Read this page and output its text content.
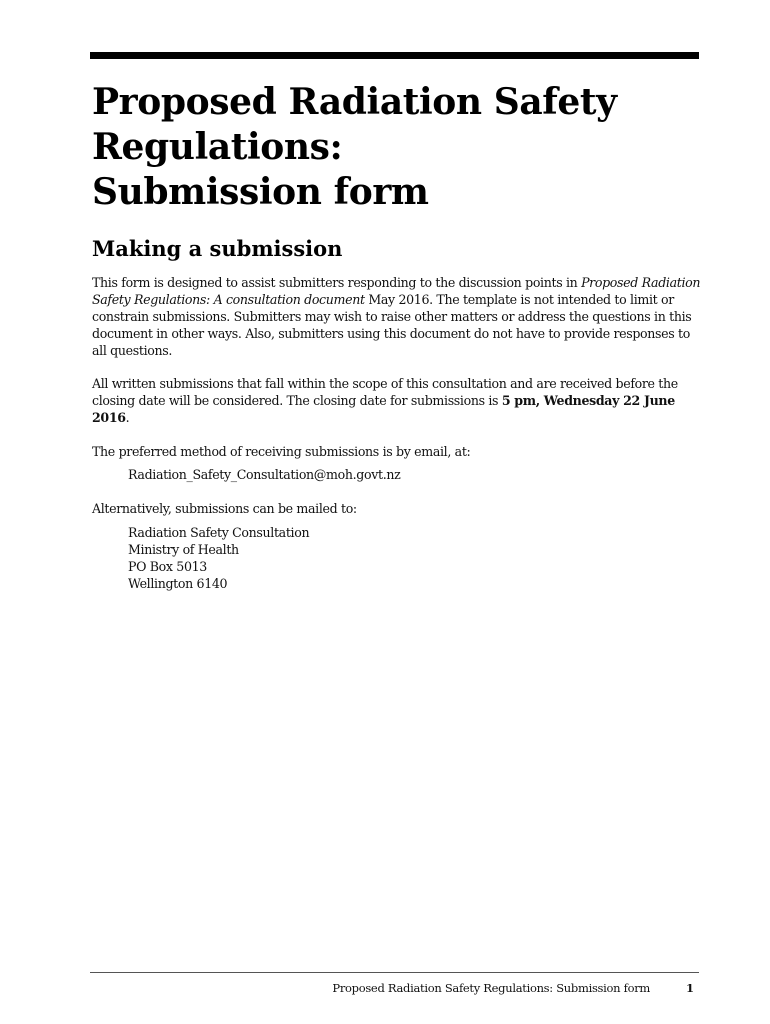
Proposed Radiation Safety
Regulations:
Submission form
Making a submission

This form is designed to assist submitters responding to the discussion points in Proposed Radiation Safety Regulations: A consultation document May 2016. The template is not intended to limit or constrain submissions. Submitters may wish to raise other matters or address the questions in this document in other ways. Also, submitters using this document do not have to provide responses to all questions.

All written submissions that fall within the scope of this consultation and are received before the closing date will be considered. The closing date for submissions is 5 pm, Wednesday 22 June 2016.

The preferred method of receiving submissions is by email, at:

Radiation_Safety_Consultation@moh.govt.nz

Alternatively, submissions can be mailed to:

Radiation Safety Consultation
Ministry of Health
PO Box 5013
Wellington 6140

Proposed Radiation Safety Regulations: Submission form	1
